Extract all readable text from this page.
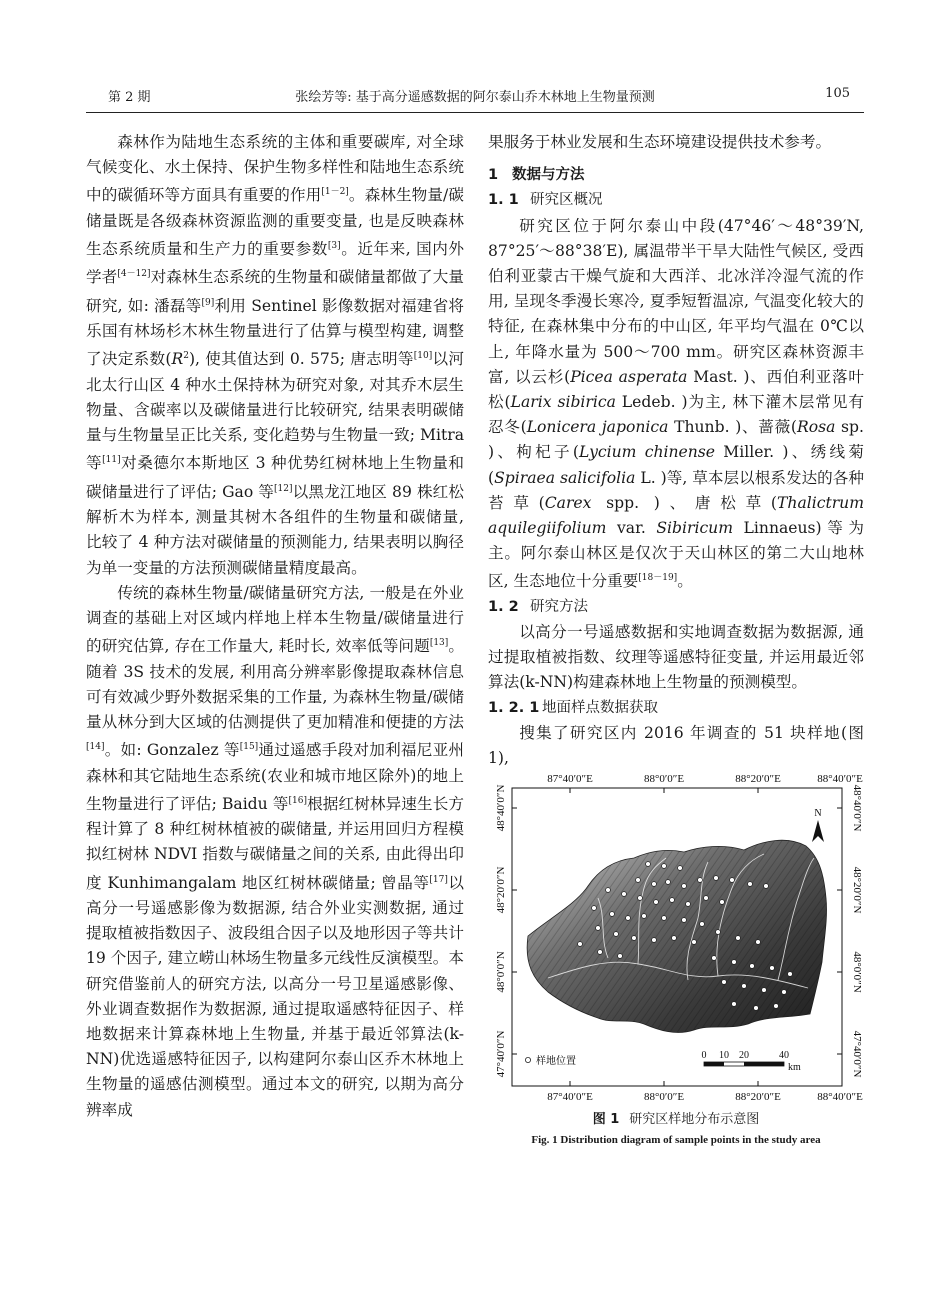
张绘芳等: 基于高分遥感数据的阿尔泰山乔木林地上生物量预测
第 2 期	105

森林作为陆地生态系统的主体和重要碳库, 对全球气候变化、水土保持、保护生物多样性和陆地生态系统中的碳循环等方面具有重要的作用[1－2]。森林生物量/碳储量既是各级森林资源监测的重要变量, 也是反映森林生态系统质量和生产力的重要参数[3]。近年来, 国内外学者[4－12]对森林生态系统的生物量和碳储量都做了大量研究, 如: 潘磊等[9]利用 Sentinel 影像数据对福建省将乐国有林场杉木林生物量进行了估算与模型构建, 调整了决定系数$(R^2)$, 使其值达到 0. 575; 唐志明等[10]以河北太行山区 4 种水土保持林为研究对象, 对其乔木层生物量、含碳率以及碳储量进行比较研究, 结果表明碳储量与生物量呈正比关系, 变化趋势与生物量一致; Mitra 等[11]对桑德尔本斯地区 3 种优势红树林地上生物量和碳储量进行了评估; Gao 等[12]以黑龙江地区 89 株红松解析木为样本, 测量其树木各组件的生物量和碳储量, 比较了 4 种方法对碳储量的预测能力, 结果表明以胸径为单一变量的方法预测碳储量精度最高。

传统的森林生物量/碳储量研究方法, 一般是在外业调查的基础上对区域内样地上样本生物量/碳储量进行的研究估算, 存在工作量大, 耗时长, 效率低等问题[13]。随着 3S 技术的发展, 利用高分辨率影像提取森林信息可有效减少野外数据采集的工作量, 为森林生物量/碳储量从林分到大区域的估测提供了更加精准和便捷的方法[14]。如: Gonzalez 等[15]通过遥感手段对加利福尼亚州森林和其它陆地生态系统(农业和城市地区除外)的地上生物量进行了评估; Baidu 等[16]根据红树林异速生长方程计算了 8 种红树林植被的碳储量, 并运用回归方程模拟红树林 NDVI 指数与碳储量之间的关系, 由此得出印度 Kunhimangalam 地区红树林碳储量; 曾晶等[17]以高分一号遥感影像为数据源, 结合外业实测数据, 通过提取植被指数因子、波段组合因子以及地形因子等共计 19 个因子, 建立崂山林场生物量多元线性反演模型。本研究借鉴前人的研究方法, 以高分一号卫星遥感影像、外业调查数据作为数据源, 通过提取遥感特征因子、样地数据来计算森林地上生物量, 并基于最近邻算法(k-NN)优选遥感特征因子, 以构建阿尔泰山区乔木林地上生物量的遥感估测模型。通过本文的研究, 以期为高分辨率成

果服务于林业发展和生态环境建设提供技术参考。

1 数据与方法

1. 1 研究区概况

研究区位于阿尔泰山中段(47°46′～48°39′N, 87°25′～88°38′E), 属温带半干旱大陆性气候区, 受西伯利亚蒙古干燥气旋和大西洋、北冰洋冷湿气流的作用, 呈现冬季漫长寒冷, 夏季短暂温凉, 气温变化较大的特征, 在森林集中分布的中山区, 年平均气温在 0℃以上, 年降水量为 500～700 mm。研究区森林资源丰富, 以云杉(Picea asperata Mast. )、西伯利亚落叶松(Larix sibirica Ledeb. )为主, 林下灌木层常见有忍冬(Lonicera japonica Thunb. )、蔷薇(Rosa sp. )、枸杞子(Lycium chinense Miller. )、绣线菊(Spiraea salicifolia L. )等, 草本层以根系发达的各种苔草(Carex spp. )、唐松草(Thalictrum aquilegiifolium var. Sibiricum Linnaeus)等为主。阿尔泰山林区是仅次于天山林区的第二大山地林区, 生态地位十分重要[18－19]。

1. 2 研究方法

以高分一号遥感数据和实地调查数据为数据源, 通过提取植被指数、纹理等遥感特征变量, 并运用最近邻算法(k-NN)构建森林地上生物量的预测模型。

1. 2. 1 地面样点数据获取

搜集了研究区内 2016 年调查的 51 块样地(图 1),

N
样地位置
0 10 20	40
km
87°40′0″E	88°0′0″E	88°20′0″E	88°40′0″E
87°40′0″E	88°0′0″E	88°20′0″E	88°40′0″E
48°40′0″N
48°20′0″N
48°0′0″N
47°40′0″N
48°40′0″N
48°20′0″N
48°0′0″N
47°40′0″N
图 1 研究区样地分布示意图
Fig. 1 Distribution diagram of sample points in the study area
